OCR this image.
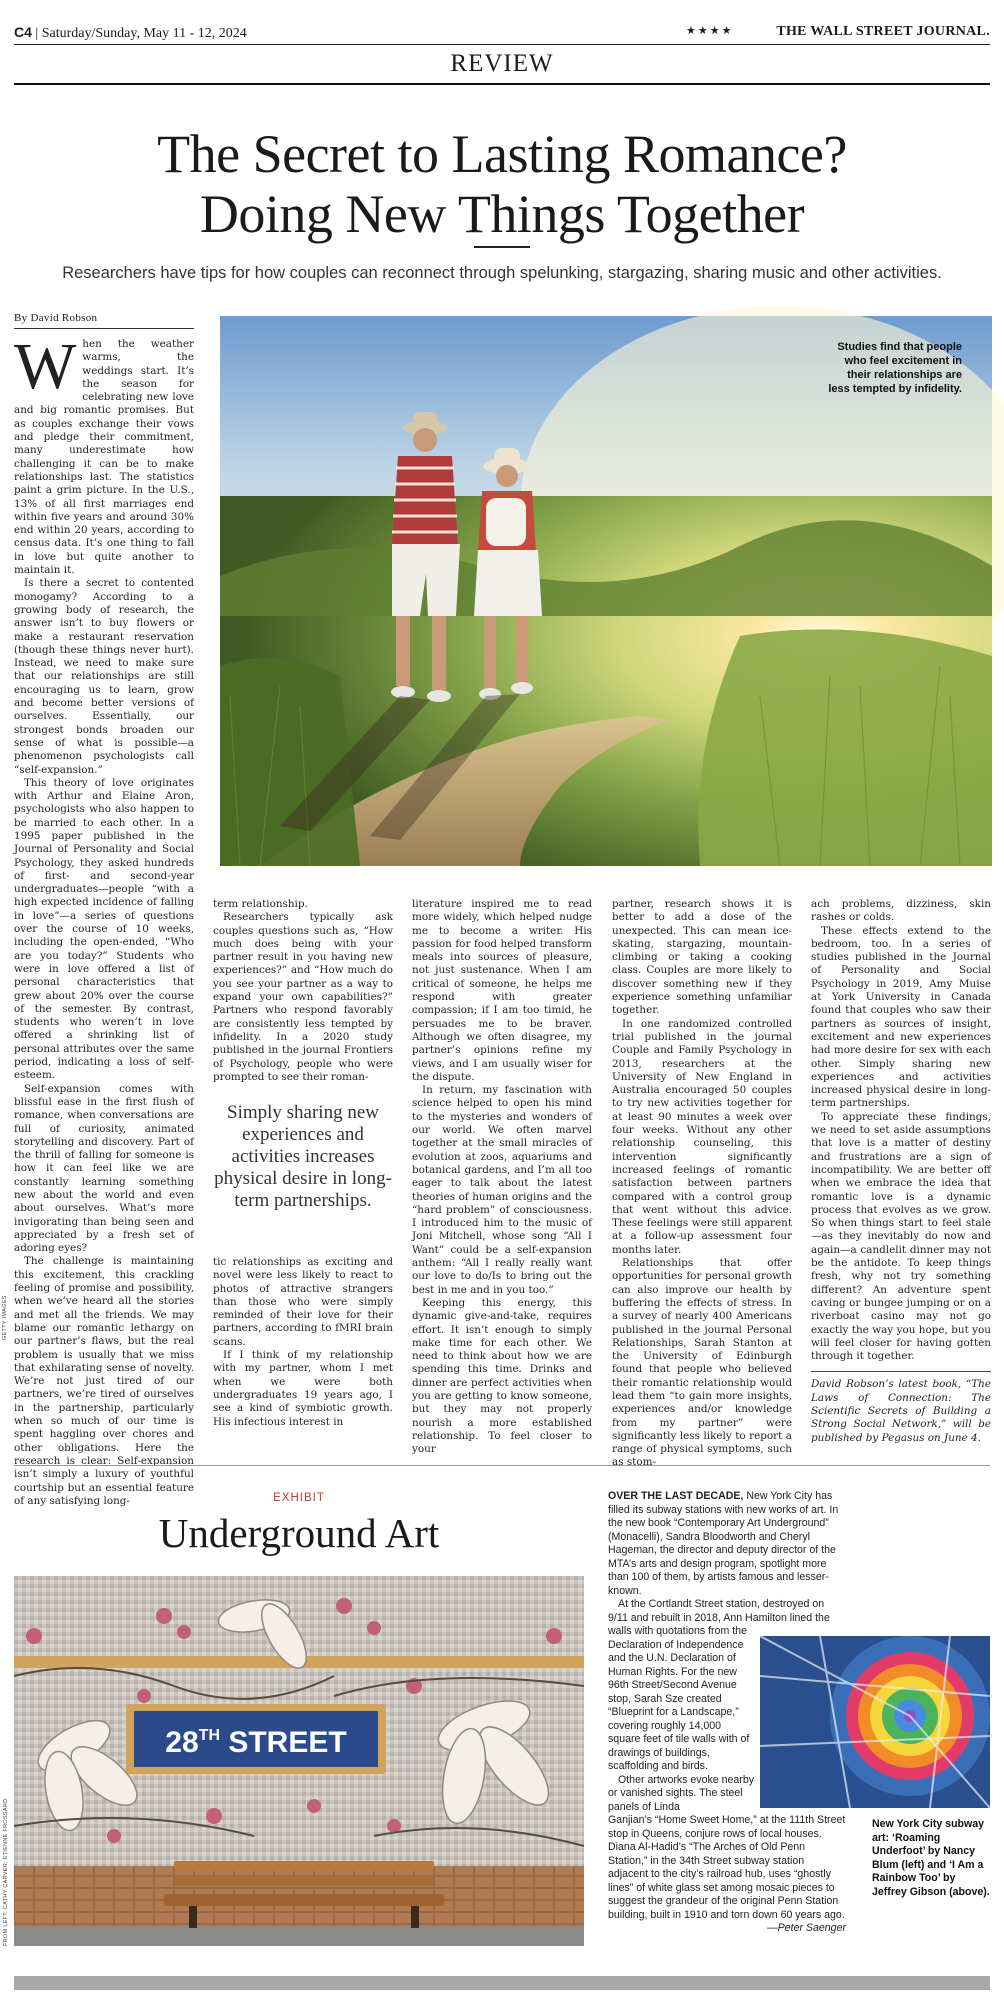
C4 | Saturday/Sunday, May 11 - 12, 2024	★★★★	THE WALL STREET JOURNAL.
REVIEW
The Secret to Lasting Romance?
Doing New Things Together
Researchers have tips for how couples can reconnect through spelunking, stargazing, sharing music and other activities.
By David Robson

When the weather warms, the weddings start. It’s the season for celebrating new love and big romantic promises. But as couples exchange their vows and pledge their commitment, many underestimate how challenging it can be to make relationships last. The statistics paint a grim picture. In the U.S., 13% of all first marriages end within five years and around 30% end within 20 years, according to census data. It’s one thing to fall in love but quite another to maintain it.

Is there a secret to contented monogamy? According to a growing body of research, the answer isn’t to buy flowers or make a restaurant reservation (though these things never hurt). Instead, we need to make sure that our relationships are still encouraging us to learn, grow and become better versions of ourselves. Essentially, our strongest bonds broaden our sense of what is possible—a phenomenon psychologists call “self-expansion.”

This theory of love originates with Arthur and Elaine Aron, psychologists who also happen to be married to each other. In a 1995 paper published in the Journal of Personality and Social Psychology, they asked hundreds of first- and second-year undergraduates—people “with a high expected incidence of falling in love”—a series of questions over the course of 10 weeks, including the open-ended, “Who are you today?” Students who were in love offered a list of personal characteristics that grew about 20% over the course of the semester. By contrast, students who weren’t in love offered a shrinking list of personal attributes over the same period, indicating a loss of self-esteem.

Self-expansion comes with blissful ease in the first flush of romance, when conversations are full of curiosity, animated storytelling and discovery. Part of the thrill of falling for someone is how it can feel like we are constantly learning something new about the world and even about ourselves. What’s more invigorating than being seen and appreciated by a fresh set of adoring eyes?

The challenge is maintaining this excitement, this crackling feeling of promise and possibility, when we’ve heard all the stories and met all the friends. We may blame our romantic lethargy on our partner’s flaws, but the real problem is usually that we miss that exhilarating sense of novelty. We’re not just tired of our partners, we’re tired of ourselves in the partnership, particularly when so much of our time is spent haggling over chores and other obligations. Here the research is clear: Self-expansion isn’t simply a luxury of youthful courtship but an essential feature of any satisfying long-

Studies find that people who feel excitement in their relationships are less tempted by infidelity.

term relationship.

Researchers typically ask couples questions such as, “How much does being with your partner result in you having new experiences?” and “How much do you see your partner as a way to expand your own capabilities?” Partners who respond favorably are consistently less tempted by infidelity. In a 2020 study published in the journal Frontiers of Psychology, people who were prompted to see their roman-

Simply sharing new experiences and activities increases physical desire in long-term partnerships.

tic relationships as exciting and novel were less likely to react to photos of attractive strangers than those who were simply reminded of their love for their partners, according to fMRI brain scans.

If I think of my relationship with my partner, whom I met when we were both undergraduates 19 years ago, I see a kind of symbiotic growth. His infectious interest in

literature inspired me to read more widely, which helped nudge me to become a writer. His passion for food helped transform meals into sources of pleasure, not just sustenance. When I am critical of someone, he helps me respond with greater compassion; if I am too timid, he persuades me to be braver. Although we often disagree, my partner’s opinions refine my views, and I am usually wiser for the dispute.

In return, my fascination with science helped to open his mind to the mysteries and wonders of our world. We often marvel together at the small miracles of evolution at zoos, aquariums and botanical gardens, and I’m all too eager to talk about the latest theories of human origins and the “hard problem” of consciousness. I introduced him to the music of Joni Mitchell, whose song “All I Want” could be a self-expansion anthem: “All I really really want our love to do/Is to bring out the best in me and in you too.”

Keeping this energy, this dynamic give-and-take, requires effort. It isn’t enough to simply make time for each other. We need to think about how we are spending this time. Drinks and dinner are perfect activities when you are getting to know someone, but they may not properly nourish a more established relationship. To feel closer to your

partner, research shows it is better to add a dose of the unexpected. This can mean ice-skating, stargazing, mountain-climbing or taking a cooking class. Couples are more likely to discover something new if they experience something unfamiliar together.

In one randomized controlled trial published in the journal Couple and Family Psychology in 2013, researchers at the University of New England in Australia encouraged 50 couples to try new activities together for at least 90 minutes a week over four weeks. Without any other relationship counseling, this intervention significantly increased feelings of romantic satisfaction between partners compared with a control group that went without this advice. These feelings were still apparent at a follow-up assessment four months later.

Relationships that offer opportunities for personal growth can also improve our health by buffering the effects of stress. In a survey of nearly 400 Americans published in the journal Personal Relationships, Sarah Stanton at the University of Edinburgh found that people who believed their romantic relationship would lead them “to gain more insights, experiences and/or knowledge from my partner” were significantly less likely to report a range of physical symptoms, such as stom-

ach problems, dizziness, skin rashes or colds.

These effects extend to the bedroom, too. In a series of studies published in the Journal of Personality and Social Psychology in 2019, Amy Muise at York University in Canada found that couples who saw their partners as sources of insight, excitement and new experiences had more desire for sex with each other. Simply sharing new experiences and activities increased physical desire in long-term partnerships.

To appreciate these findings, we need to set aside assumptions that love is a matter of destiny and frustrations are a sign of incompatibility. We are better off when we embrace the idea that romantic love is a dynamic process that evolves as we grow. So when things start to feel stale—as they inevitably do now and again—a candlelit dinner may not be the antidote. To keep things fresh, why not try something different? An adventure spent caving or bungee jumping or on a riverboat casino may not go exactly the way you hope, but you will feel closer for having gotten through it together.

David Robson’s latest book, “The Laws of Connection: The Scientific Secrets of Building a Strong Social Network,” will be published by Pegasus on June 4.

GETTY IMAGES
EXHIBIT
Underground Art
28TH STREET
FROM LEFT: CATHY CARVER; ETIENNE FROSSARD

OVER THE LAST DECADE, New York City has filled its subway stations with new works of art. In the new book “Contemporary Art Underground” (Monacelli), Sandra Bloodworth and Cheryl Hageman, the director and deputy director of the MTA’s arts and design program, spotlight more than 100 of them, by artists famous and lesser-known.

At the Cortlandt Street station, destroyed on 9/11 and rebuilt in 2018, Ann Hamilton lined the

walls with quotations from the Declaration of Independence and the U.N. Declaration of Human Rights. For the new 96th Street/Second Avenue stop, Sarah Sze created “Blueprint for a Landscape,” covering roughly 14,000 square feet of tile walls with of drawings of buildings, scaffolding and birds.

Other artworks evoke nearby or vanished sights. The steel panels of Linda

Ganjian’s “Home Sweet Home,” at the 111th Street stop in Queens, conjure rows of local houses. Diana Al-Hadid’s “The Arches of Old Penn Station,” in the 34th Street subway station adjacent to the city’s railroad hub, uses “ghostly lines” of white glass set among mosaic pieces to suggest the grandeur of the original Penn Station building, built in 1910 and torn down 60 years ago.

—Peter Saenger

New York City subway art: ‘Roaming Underfoot’ by Nancy Blum (left) and ‘I Am a Rainbow Too’ by Jeffrey Gibson (above).
